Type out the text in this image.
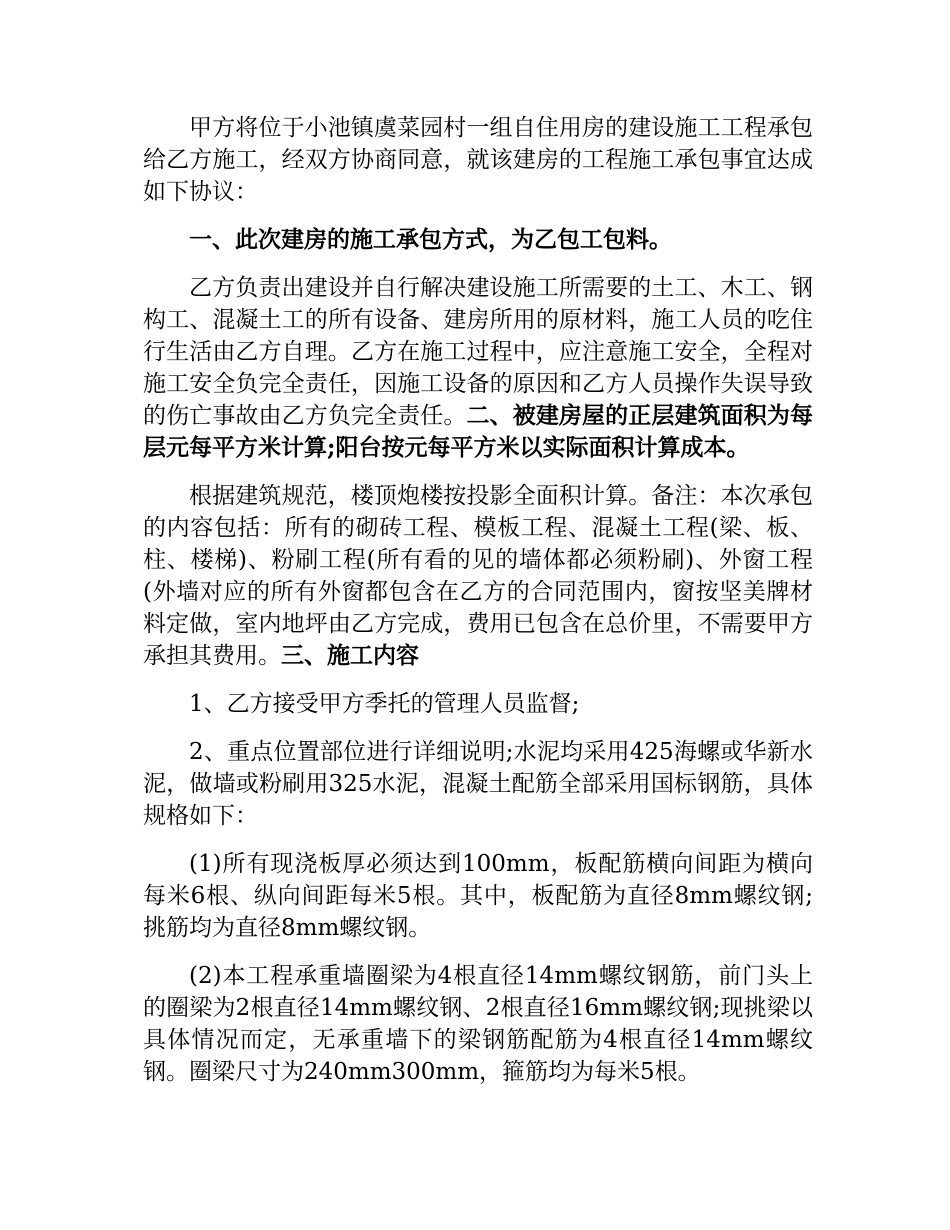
甲方将位于小池镇虞菜园村一组自住用房的建设施工工程承包给乙方施工，经双方协商同意，就该建房的工程施工承包事宜达成如下协议：

一、此次建房的施工承包方式，为乙包工包料。

乙方负责出建设并自行解决建设施工所需要的土工、木工、钢构工、混凝土工的所有设备、建房所用的原材料，施工人员的吃住行生活由乙方自理。乙方在施工过程中，应注意施工安全，全程对施工安全负完全责任，因施工设备的原因和乙方人员操作失误导致的伤亡事故由乙方负完全责任。二、被建房屋的正层建筑面积为每层元每平方米计算;阳台按元每平方米以实际面积计算成本。

根据建筑规范，楼顶炮楼按投影全面积计算。备注：本次承包的内容包括：所有的砌砖工程、模板工程、混凝土工程(梁、板、柱、楼梯)、粉刷工程(所有看的见的墙体都必须粉刷)、外窗工程(外墙对应的所有外窗都包含在乙方的合同范围内，窗按坚美牌材料定做，室内地坪由乙方完成，费用已包含在总价里，不需要甲方承担其费用。三、施工内容

1、乙方接受甲方季托的管理人员监督;

2、重点位置部位进行详细说明;水泥均采用425海螺或华新水泥，做墙或粉刷用325水泥，混凝土配筋全部采用国标钢筋，具体规格如下：

(1)所有现浇板厚必须达到100mm，板配筋横向间距为横向每米6根、纵向间距每米5根。其中，板配筋为直径8mm螺纹钢;挑筋均为直径8mm螺纹钢。

(2)本工程承重墙圈梁为4根直径14mm螺纹钢筋，前门头上的圈梁为2根直径14mm螺纹钢、2根直径16mm螺纹钢;现挑梁以具体情况而定，无承重墙下的梁钢筋配筋为4根直径14mm螺纹钢。圈梁尺寸为240mm300mm，箍筋均为每米5根。
